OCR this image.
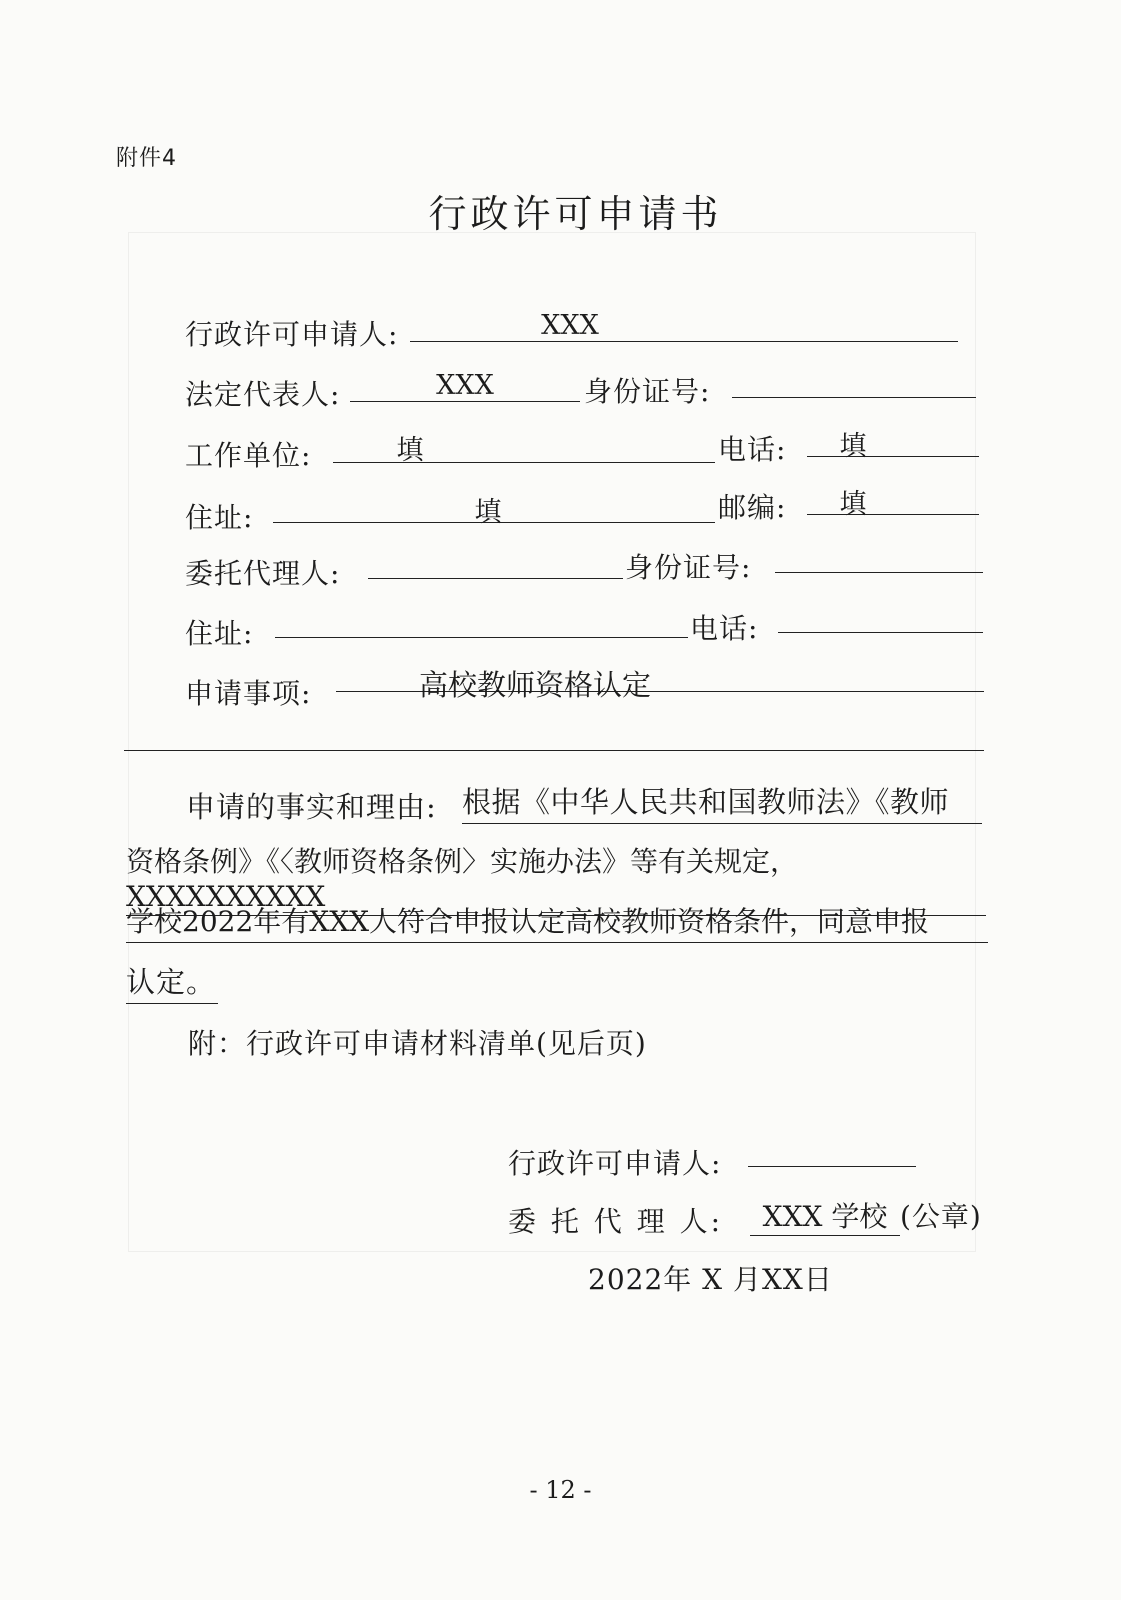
附件4
行政许可申请书
行政许可申请人:	XXX
法定代表人:	XXX	身份证号:
工作单位:	填	电话:	填
住址:	填	邮编:	填
委托代理人:	身份证号:
住址:	电话:
申请事项:	高校教师资格认定
申请的事实和理由: 根据《中华人民共和国教师法》《教师
资格条例》《〈教师资格条例〉实施办法》等有关规定，XXXXXXXXXX
学校2022年有XXX人符合申报认定高校教师资格条件，同意申报
认定。
附：行政许可申请材料清单(见后页)
行政许可申请人:
委 托 代 理 人:	XXX 学校 (公章)
2022年 X 月XX日
- 12 -
